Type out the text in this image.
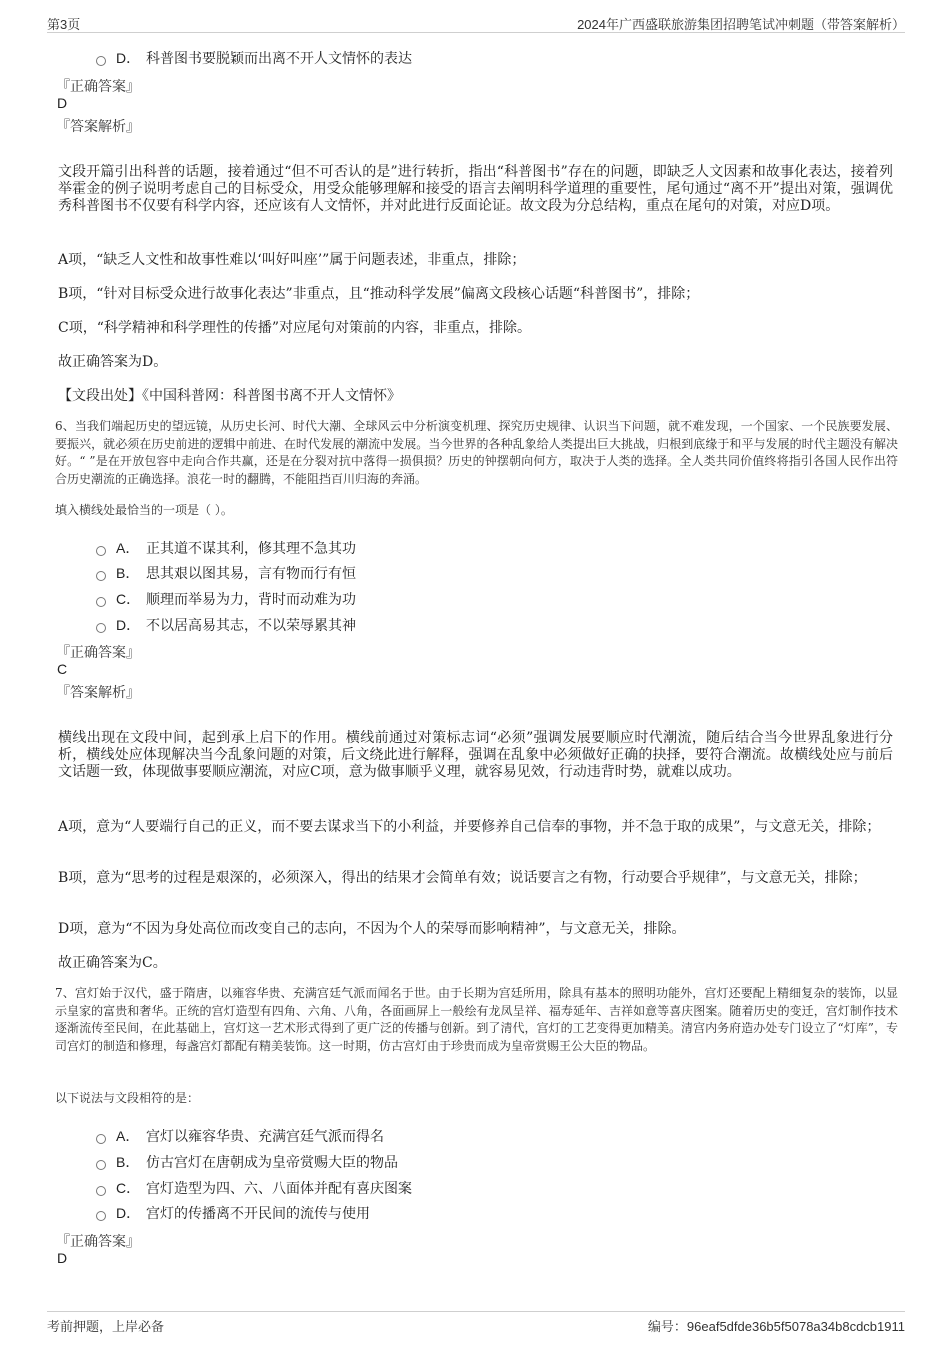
第3页	2024年广西盛联旅游集团招聘笔试冲刺题（带答案解析）
D． 科普图书要脱颖而出离不开人文情怀的表达
『正确答案』
D
『答案解析』

文段开篇引出科普的话题，接着通过“但不可否认的是”进行转折，指出“科普图书”存在的问题，即缺乏人文因素和故事化表达，接着列举霍金的例子说明考虑自己的目标受众，用受众能够理解和接受的语言去阐明科学道理的重要性，尾句通过“离不开”提出对策，强调优秀科普图书不仅要有科学内容，还应该有人文情怀，并对此进行反面论证。故文段为分总结构，重点在尾句的对策，对应D项。

A项，“缺乏人文性和故事性难以‘叫好叫座’”属于问题表述，非重点，排除；

B项，“针对目标受众进行故事化表达”非重点，且“推动科学发展”偏离文段核心话题“科普图书”，排除；

C项，“科学精神和科学理性的传播”对应尾句对策前的内容，非重点，排除。

故正确答案为D。

【文段出处】《中国科普网：科普图书离不开人文情怀》

6、当我们端起历史的望远镜，从历史长河、时代大潮、全球风云中分析演变机理、探究历史规律、认识当下问题，就不难发现，一个国家、一个民族要发展、要振兴，就必须在历史前进的逻辑中前进、在时代发展的潮流中发展。当今世界的各种乱象给人类提出巨大挑战，归根到底缘于和平与发展的时代主题没有解决好。“ ”是在开放包容中走向合作共赢，还是在分裂对抗中落得一损俱损？历史的钟摆朝向何方，取决于人类的选择。全人类共同价值终将指引各国人民作出符合历史潮流的正确选择。浪花一时的翻腾，不能阻挡百川归海的奔涌。

填入横线处最恰当的一项是（ ）。
A． 正其道不谋其利，修其理不急其功
B． 思其艰以图其易，言有物而行有恒
C． 顺理而举易为力，背时而动难为功
D． 不以居高易其志，不以荣辱累其神
『正确答案』
C
『答案解析』

横线出现在文段中间，起到承上启下的作用。横线前通过对策标志词“必须”强调发展要顺应时代潮流，随后结合当今世界乱象进行分析，横线处应体现解决当今乱象问题的对策，后文绕此进行解释，强调在乱象中必须做好正确的抉择，要符合潮流。故横线处应与前后文话题一致，体现做事要顺应潮流，对应C项，意为做事顺乎义理，就容易见效，行动违背时势，就难以成功。

A项，意为“人要端行自己的正义，而不要去谋求当下的小利益，并要修养自己信奉的事物，并不急于取的成果”，与文意无关，排除；

B项，意为“思考的过程是艰深的，必须深入，得出的结果才会简单有效；说话要言之有物，行动要合乎规律”，与文意无关，排除；

D项，意为“不因为身处高位而改变自己的志向，不因为个人的荣辱而影响精神”，与文意无关，排除。

故正确答案为C。

7、宫灯始于汉代，盛于隋唐，以雍容华贵、充满宫廷气派而闻名于世。由于长期为宫廷所用，除具有基本的照明功能外，宫灯还要配上精细复杂的装饰，以显示皇家的富贵和奢华。正统的宫灯造型有四角、六角、八角，各面画屏上一般绘有龙凤呈祥、福寿延年、吉祥如意等喜庆图案。随着历史的变迁，宫灯制作技术逐渐流传至民间，在此基础上，宫灯这一艺术形式得到了更广泛的传播与创新。到了清代，宫灯的工艺变得更加精美。清宫内务府造办处专门设立了“灯库”，专司宫灯的制造和修理，每盏宫灯都配有精美装饰。这一时期，仿古宫灯由于珍贵而成为皇帝赏赐王公大臣的物品。

以下说法与文段相符的是：
A． 宫灯以雍容华贵、充满宫廷气派而得名
B． 仿古宫灯在唐朝成为皇帝赏赐大臣的物品
C． 宫灯造型为四、六、八面体并配有喜庆图案
D． 宫灯的传播离不开民间的流传与使用
『正确答案』
D
考前押题，上岸必备	编号：96eaf5dfde36b5f5078a34b8cdcb1911
